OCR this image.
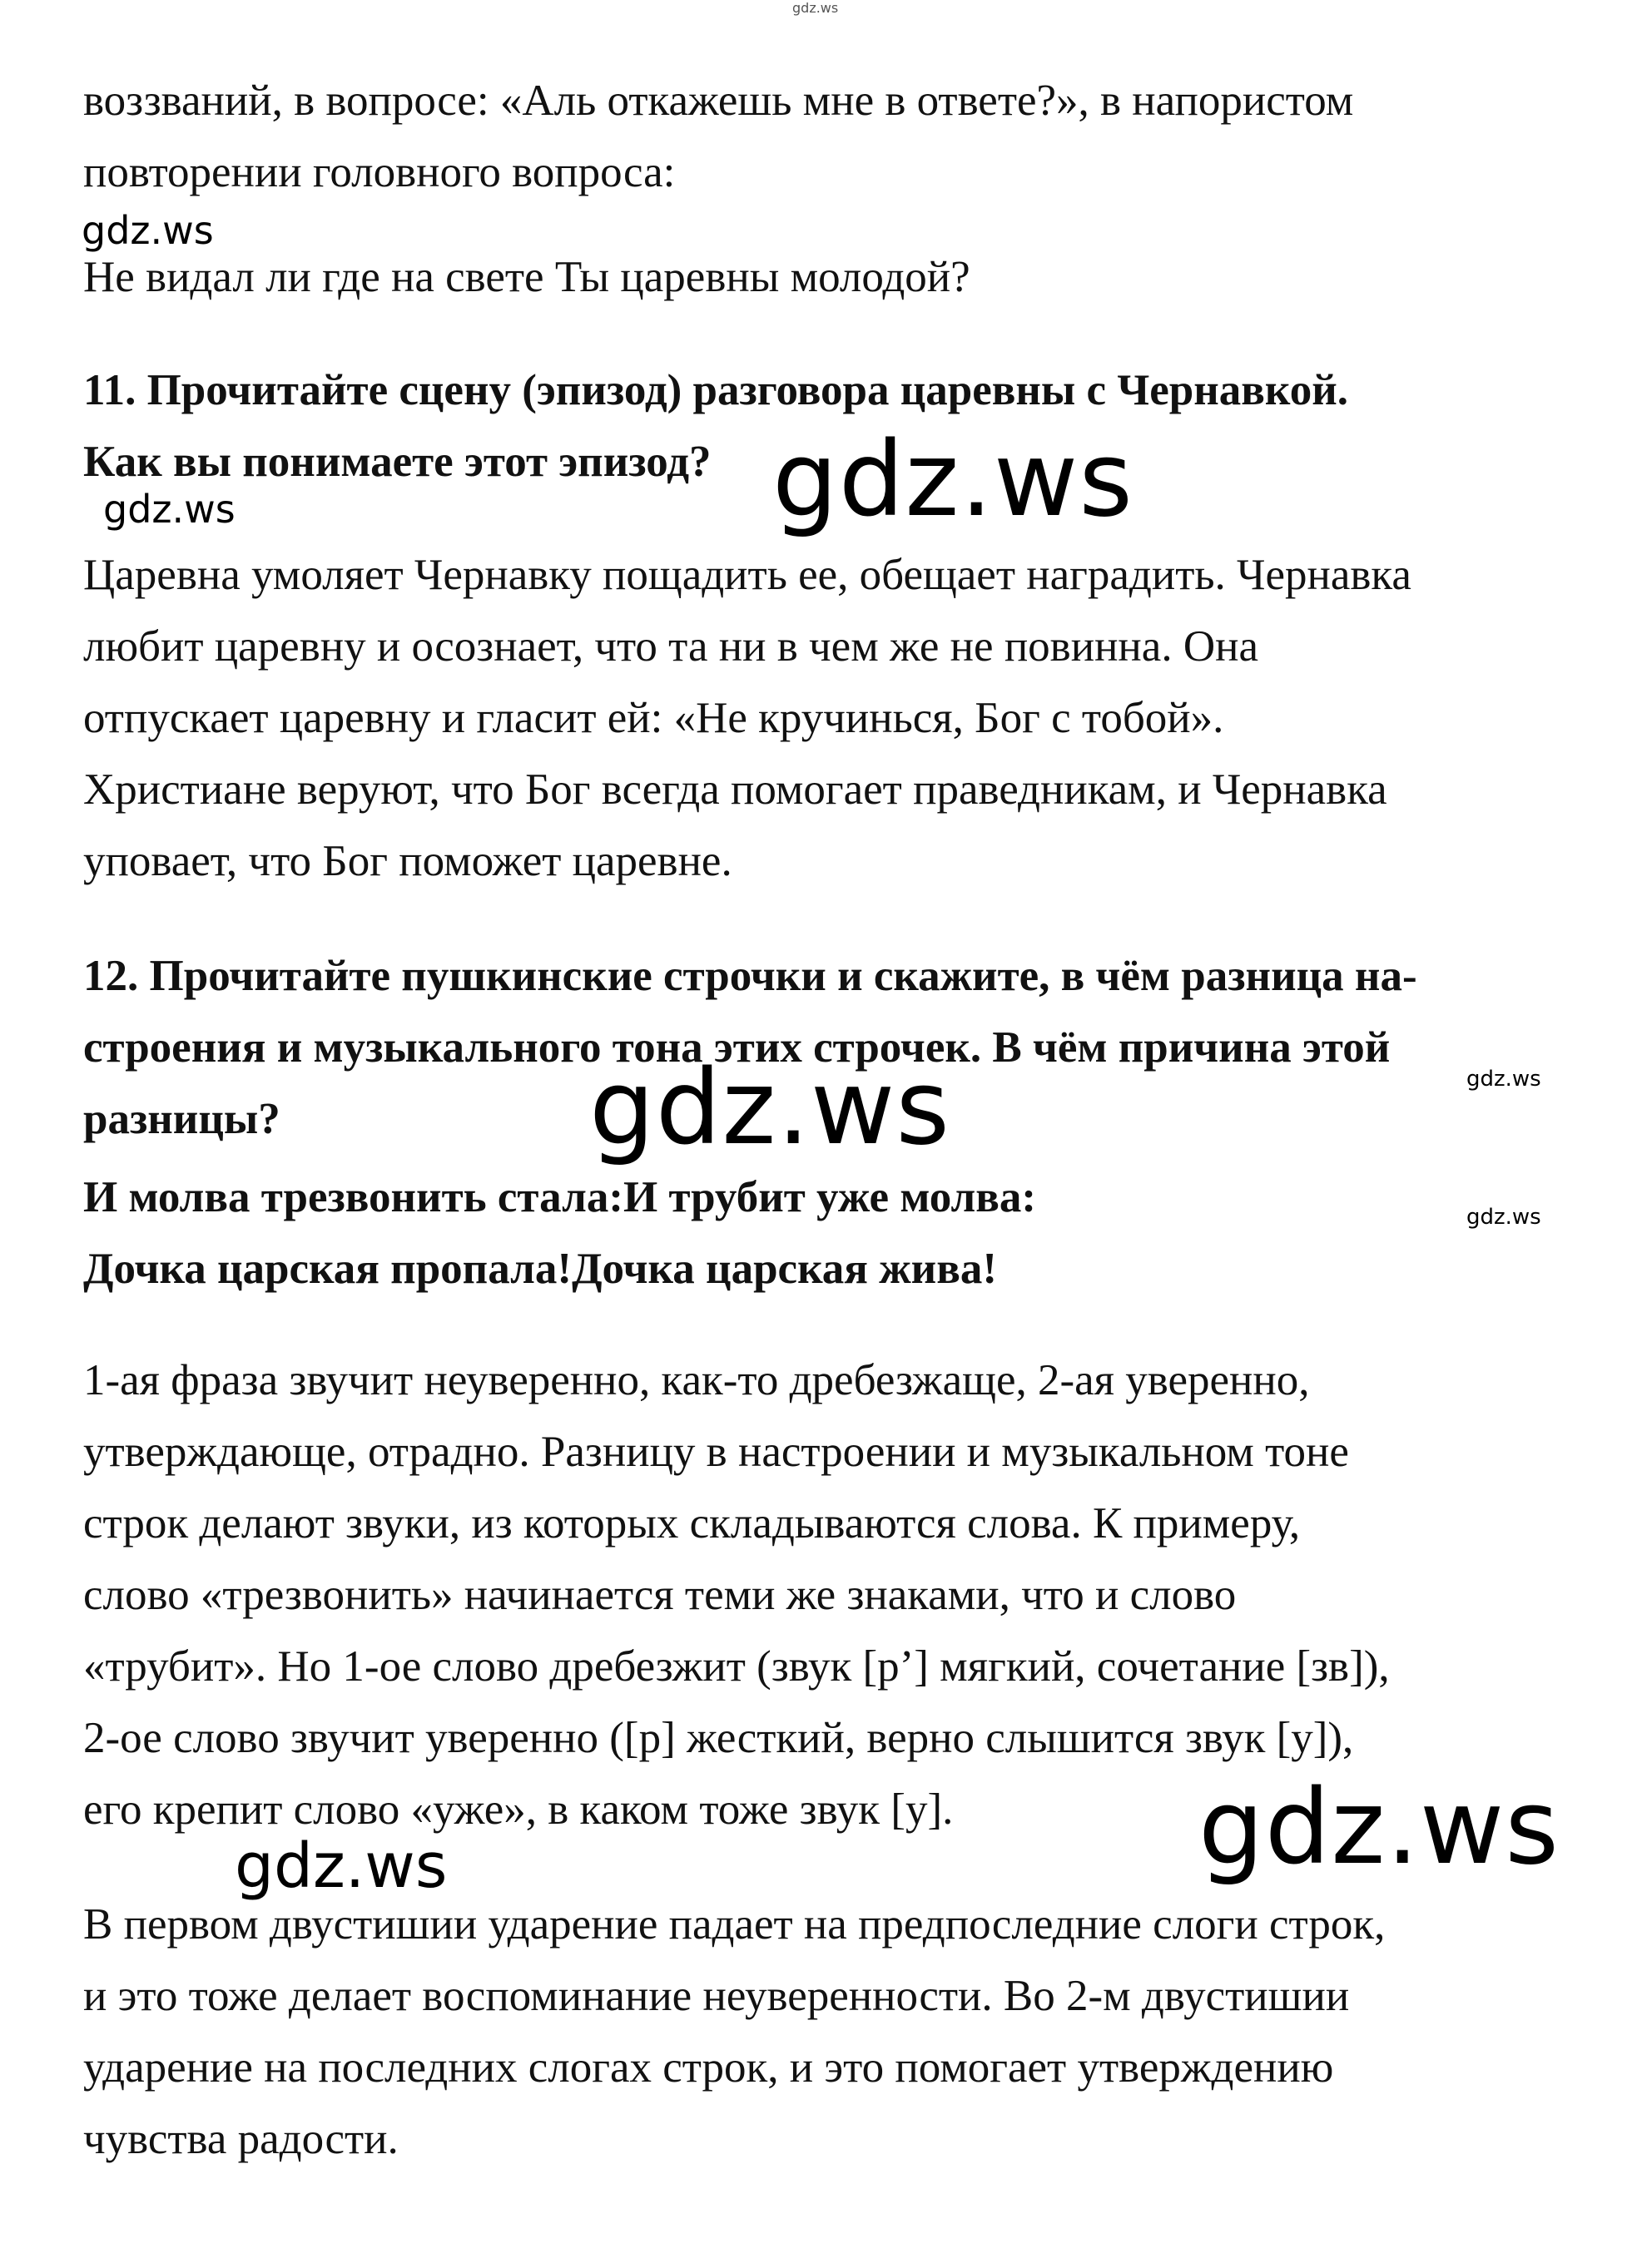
gdz.ws
gdz.ws
gdz.ws
gdz.ws
gdz.ws
gdz.ws
gdz.ws
gdz.ws
gdz.ws

воззваний, в вопросе: «Аль откажешь мне в ответе?», в напористом

повторении головного вопроса:

Не видал ли где на свете Ты царевны молодой?

11. Прочитайте сцену (эпизод) разговора царевны с Чернавкой.

Как вы понимаете этот эпизод?

Царевна умоляет Чернавку пощадить ее, обещает наградить. Чернавка

любит царевну и осознает, что та ни в чем же не повинна. Она

отпускает царевну и гласит ей: «Не кручинься, Бог с тобой».

Христиане веруют, что Бог всегда помогает праведникам, и Чернавка

уповает, что Бог поможет царевне.

12. Прочитайте пушкинские строчки и скажите, в чём разница на-

строения и музыкального тона этих строчек. В чём причина этой

разницы?

И молва трезвонить стала:И трубит уже молва:

Дочка царская пропала!Дочка царская жива!

1-ая фраза звучит неуверенно, как-то дребезжаще, 2-ая уверенно,

утверждающе, отрадно. Разницу в настроении и музыкальном тоне

строк делают звуки, из которых складываются слова. К примеру,

слово «трезвонить» начинается теми же знаками, что и слово

«трубит». Но 1-ое слово дребезжит (звук [р’] мягкий, сочетание [зв]),

2-ое слово звучит уверенно ([р] жесткий, верно слышится звук [у]),

его крепит слово «уже», в каком тоже звук [у].

В первом двустишии ударение падает на предпоследние слоги строк,

и это тоже делает воспоминание неуверенности. Во 2-м двустишии

ударение на последних слогах строк, и это помогает утверждению

чувства радости.
